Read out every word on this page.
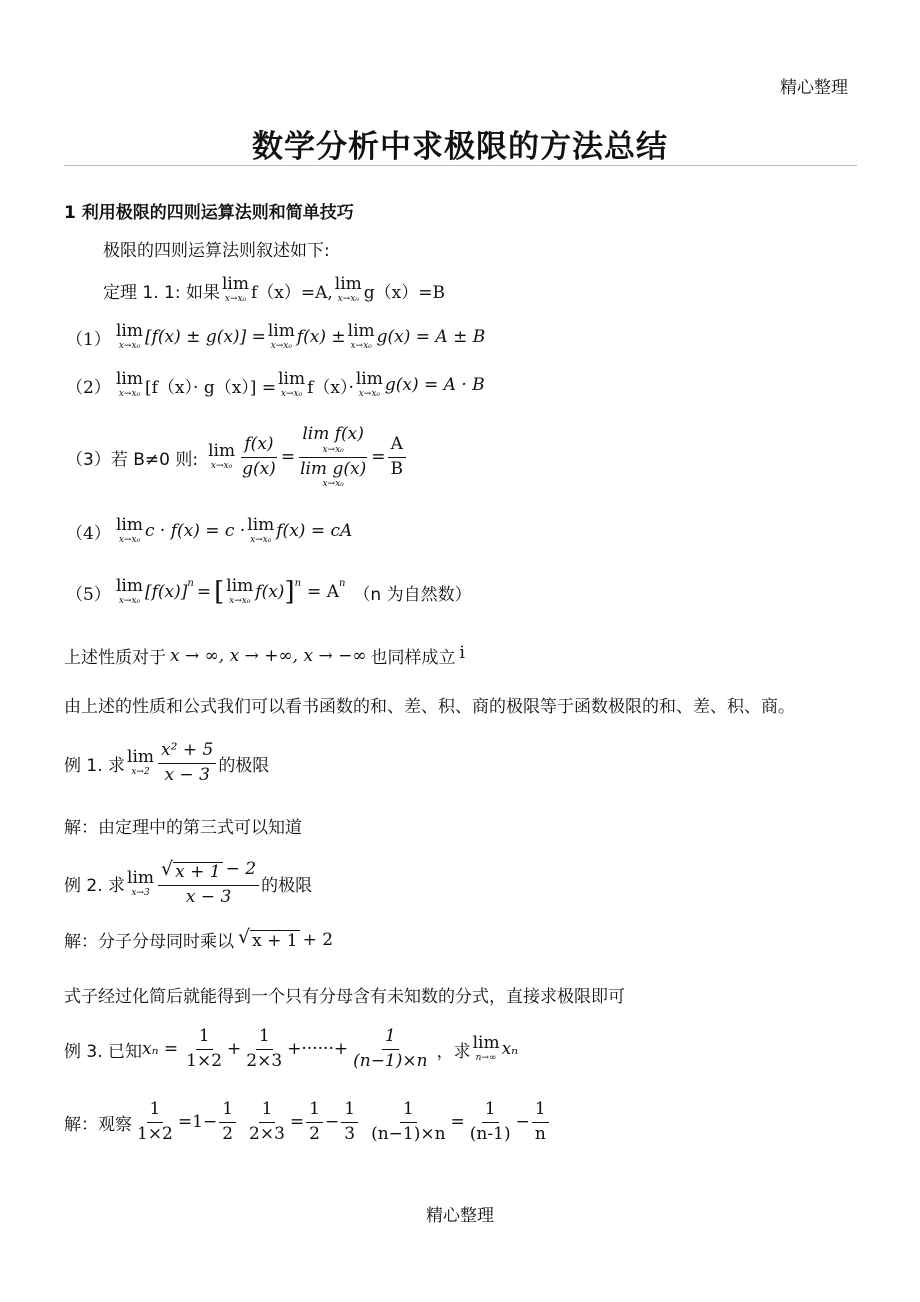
精心整理
数学分析中求极限的方法总结
1 利用极限的四则运算法则和简单技巧
极限的四则运算法则叙述如下:
定理 1. 1: 如果 lim
x→x₀ f（x）=A, lim
x→x₀ g（x）=B
（1） lim
x→x₀ [f(x) ± g(x)] = lim
x→x₀ f(x) ± lim
x→x₀ g(x) = A ± B
（2） lim
x→x₀ [f（x）· g（x）] = lim
x→x₀ f（x）· lim
x→x₀ g(x) = A · B
（3）若 B≠0 则: lim
$x\to x_0 \frac{f(x)}{g(x)} = \lim f(x)$
x→x₀
lim g(x)
$x\to x_0 = \frac{A}{B}$
（4） lim
x→x₀ c · f(x) = c · lim
x→x₀ f(x) = cA
（5） lim
x→x₀ $[f(x)]^n$ = [ lim
x→x₀ f(x) ]$^n = A^n$
（n 为自然数）
上述性质对于 x → ∞, x → +∞, x → −∞ 也同样成立 i
由上述的性质和公式我们可以看书函数的和、差、积、商的极限等于函数极限的和、差、积、商。
例 1. 求 lim
x→2
x² + 5
x − 3 的极限
解：由定理中的第三式可以知道
例 2. 求 lim
x→3
√ x + 1 − 2
x − 3
的极限
解：分子分母同时乘以 √ x + 1 + 2
式子经过化简后就能得到一个只有分母含有未知数的分式，直接求极限即可
例 3. 已知 $x_n = \frac{1}{1\times 2} + \frac{1}{2\times 3}$ +······+ $\frac{1}{(n-1)\times n}$ ，求 lim
n→∞ xₙ
解：观察 $\frac{1}{1\times 2} =1- \frac{1}{2} \frac{1}{2\times 3} = \frac{1}{2} - \frac{1}{3} \frac{1}{(n-1)\times n} = \frac{1}{(n-1)} - \frac{1}{n}$
精心整理
